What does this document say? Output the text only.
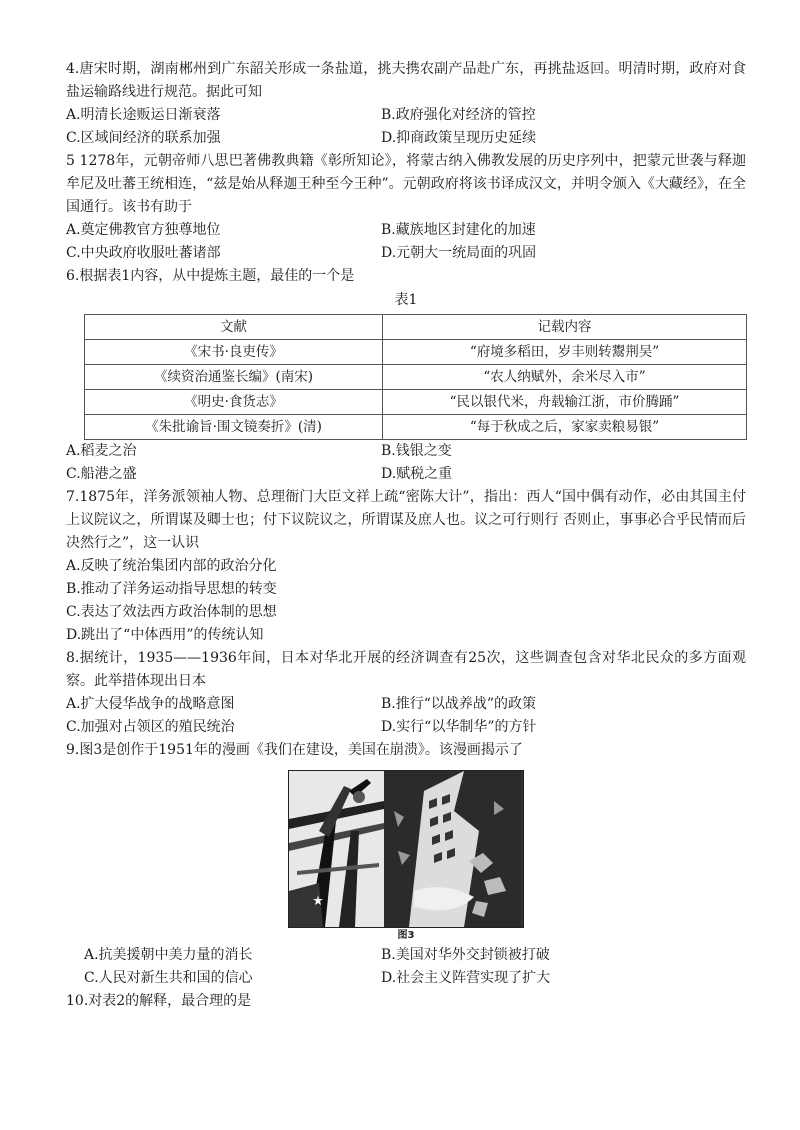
4.唐宋时期，湖南郴州到广东韶关形成一条盐道，挑夫携农副产品赴广东，再挑盐返回。明清时期，政府对食盐运输路线进行规范。据此可知

A.明清长途贩运日渐衰落	B.政府强化对经济的管控
C.区域间经济的联系加强	D.抑商政策呈现历史延续

5 1278年，元朝帝师八思巴著佛教典籍《彰所知论》，将蒙古纳入佛教发展的历史序列中，把蒙元世袭与释迦牟尼及吐蕃王统相连，“兹是始从释迦王种至今王种”。元朝政府将该书译成汉文，并明令颁入《大藏经》，在全国通行。该书有助于

A.奠定佛教官方独尊地位	B.藏族地区封建化的加速
C.中央政府收服吐蕃诸部	D.元朝大一统局面的巩固

6.根据表1内容，从中提炼主题，最佳的一个是

表1
文献	记载内容
《宋书·良吏传》	“府境多稻田，岁丰则转鬻荆吴”
《续资治通鉴长编》(南宋)	“农人纳赋外，余米尽入市”
《明史·食货志》	“民以银代米，舟载输江浙，市价腾踊”
《朱批谕旨·围文镜奏折》(清)	“每于秋成之后，家家卖粮易银”
A.稻麦之治	B.钱银之变
C.船港之盛	D.赋税之重

7.1875年，洋务派领袖人物、总理衙门大臣文祥上疏“密陈大计”，指出：西人“国中偶有动作，必由其国主付上议院议之，所谓谋及卿士也；付下议院议之，所谓谋及庶人也。议之可行则行 否则止，事事必合乎民情而后决然行之”，这一认识

A.反映了统治集团内部的政治分化
B.推动了洋务运动指导思想的转变
C.表达了效法西方政治体制的思想
D.跳出了“中体西用”的传统认知

8.据统计，1935——1936年间，日本对华北开展的经济调查有25次，这些调查包含对华北民众的多方面观察。此举措体现出日本

A.扩大侵华战争的战略意图	B.推行“以战养战”的政策
C.加强对占领区的殖民统治	D.实行“以华制华”的方针

9.图3是创作于1951年的漫画《我们在建设，美国在崩溃》。该漫画揭示了

图3
A.抗美援朝中美力量的消长	B.美国对华外交封锁被打破
C.人民对新生共和国的信心	D.社会主义阵营实现了扩大

10.对表2的解释，最合理的是
